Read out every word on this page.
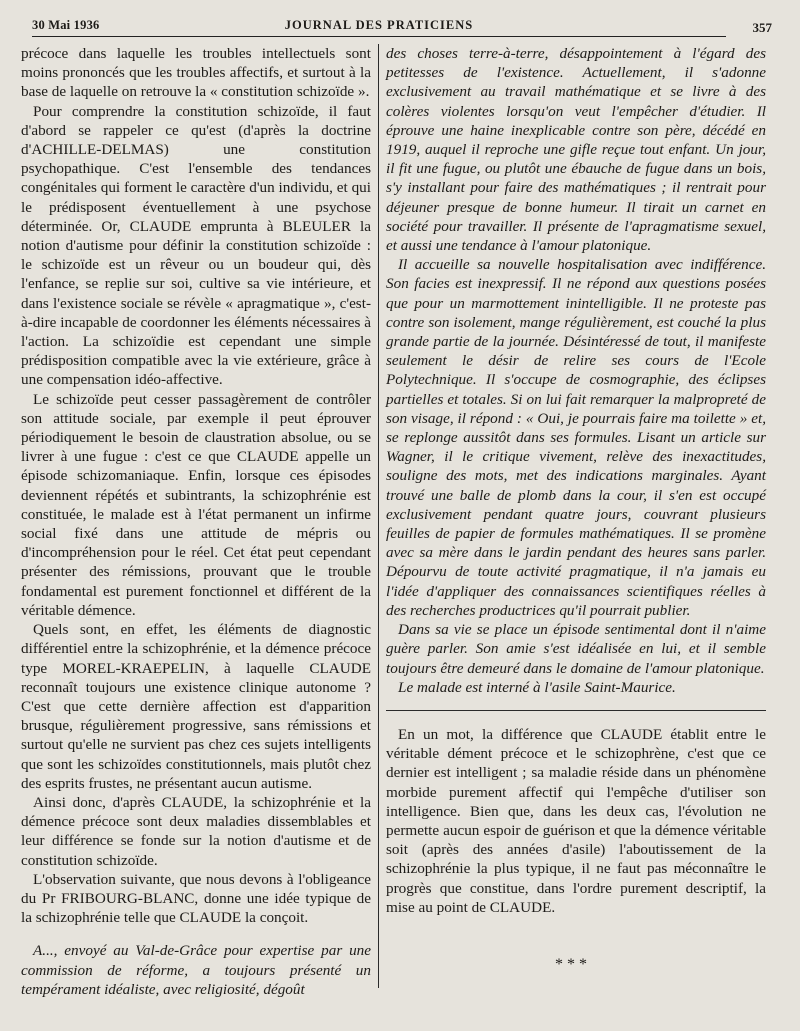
30 Mai 1936	JOURNAL DES PRATICIENS	357

précoce dans laquelle les troubles intellectuels sont moins prononcés que les troubles affectifs, et surtout à la base de laquelle on retrouve la « constitution schizoïde ».

Pour comprendre la constitution schizoïde, il faut d'abord se rappeler ce qu'est (d'après la doctrine d'ACHILLE-DELMAS) une constitution psychopathique. C'est l'ensemble des tendances congénitales qui forment le caractère d'un individu, et qui le prédisposent éventuellement à une psychose déterminée. Or, CLAUDE emprunta à BLEULER la notion d'autisme pour définir la constitution schizoïde : le schizoïde est un rêveur ou un boudeur qui, dès l'enfance, se replie sur soi, cultive sa vie intérieure, et dans l'existence sociale se révèle « apragmatique », c'est-à-dire incapable de coordonner les éléments nécessaires à l'action. La schizoïdie est cependant une simple prédisposition compatible avec la vie extérieure, grâce à une compensation idéo-affective.

Le schizoïde peut cesser passagèrement de contrôler son attitude sociale, par exemple il peut éprouver périodiquement le besoin de claustration absolue, ou se livrer à une fugue : c'est ce que CLAUDE appelle un épisode schizomaniaque. Enfin, lorsque ces épisodes deviennent répétés et subintrants, la schizophrénie est constituée, le malade est à l'état permanent un infirme social fixé dans une attitude de mépris ou d'incompréhension pour le réel. Cet état peut cependant présenter des rémissions, prouvant que le trouble fondamental est purement fonctionnel et différent de la véritable démence.

Quels sont, en effet, les éléments de diagnostic différentiel entre la schizophrénie, et la démence précoce type MOREL-KRAEPELIN, à laquelle CLAUDE reconnaît toujours une existence clinique autonome ? C'est que cette dernière affection est d'apparition brusque, régulièrement progressive, sans rémissions et surtout qu'elle ne survient pas chez ces sujets intelligents que sont les schizoïdes constitutionnels, mais plutôt chez des esprits frustes, ne présentant aucun autisme.

Ainsi donc, d'après CLAUDE, la schizophrénie et la démence précoce sont deux maladies dissemblables et leur différence se fonde sur la notion d'autisme et de constitution schizoïde.

L'observation suivante, que nous devons à l'obligeance du Pr FRIBOURG-BLANC, donne une idée typique de la schizophrénie telle que CLAUDE la conçoit.

A..., envoyé au Val-de-Grâce pour expertise par une commission de réforme, a toujours présenté un tempérament idéaliste, avec religiosité, dégoût

des choses terre-à-terre, désappointement à l'égard des petitesses de l'existence. Actuellement, il s'adonne exclusivement au travail mathématique et se livre à des colères violentes lorsqu'on veut l'empêcher d'étudier. Il éprouve une haine inexplicable contre son père, décédé en 1919, auquel il reproche une gifle reçue tout enfant. Un jour, il fit une fugue, ou plutôt une ébauche de fugue dans un bois, s'y installant pour faire des mathématiques ; il rentrait pour déjeuner presque de bonne humeur. Il tirait un carnet en société pour travailler. Il présente de l'apragmatisme sexuel, et aussi une tendance à l'amour platonique.

Il accueille sa nouvelle hospitalisation avec indifférence. Son facies est inexpressif. Il ne répond aux questions posées que pour un marmottement inintelligible. Il ne proteste pas contre son isolement, mange régulièrement, est couché la plus grande partie de la journée. Désintéressé de tout, il manifeste seulement le désir de relire ses cours de l'Ecole Polytechnique. Il s'occupe de cosmographie, des éclipses partielles et totales. Si on lui fait remarquer la malpropreté de son visage, il répond : « Oui, je pourrais faire ma toilette » et, se replonge aussitôt dans ses formules. Lisant un article sur Wagner, il le critique vivement, relève des inexactitudes, souligne des mots, met des indications marginales. Ayant trouvé une balle de plomb dans la cour, il s'en est occupé exclusivement pendant quatre jours, couvrant plusieurs feuilles de papier de formules mathématiques. Il se promène avec sa mère dans le jardin pendant des heures sans parler. Dépourvu de toute activité pragmatique, il n'a jamais eu l'idée d'appliquer des connaissances scientifiques réelles à des recherches productrices qu'il pourrait publier.

Dans sa vie se place un épisode sentimental dont il n'aime guère parler. Son amie s'est idéalisée en lui, et il semble toujours être demeuré dans le domaine de l'amour platonique.

Le malade est interné à l'asile Saint-Maurice.

En un mot, la différence que CLAUDE établit entre le véritable dément précoce et le schizophrène, c'est que ce dernier est intelligent ; sa maladie réside dans un phénomène morbide purement affectif qui l'empêche d'utiliser son intelligence. Bien que, dans les deux cas, l'évolution ne permette aucun espoir de guérison et que la démence véritable soit (après des années d'asile) l'aboutissement de la schizophrénie la plus typique, il ne faut pas méconnaître le progrès que constitue, dans l'ordre purement descriptif, la mise au point de CLAUDE.

* * *
